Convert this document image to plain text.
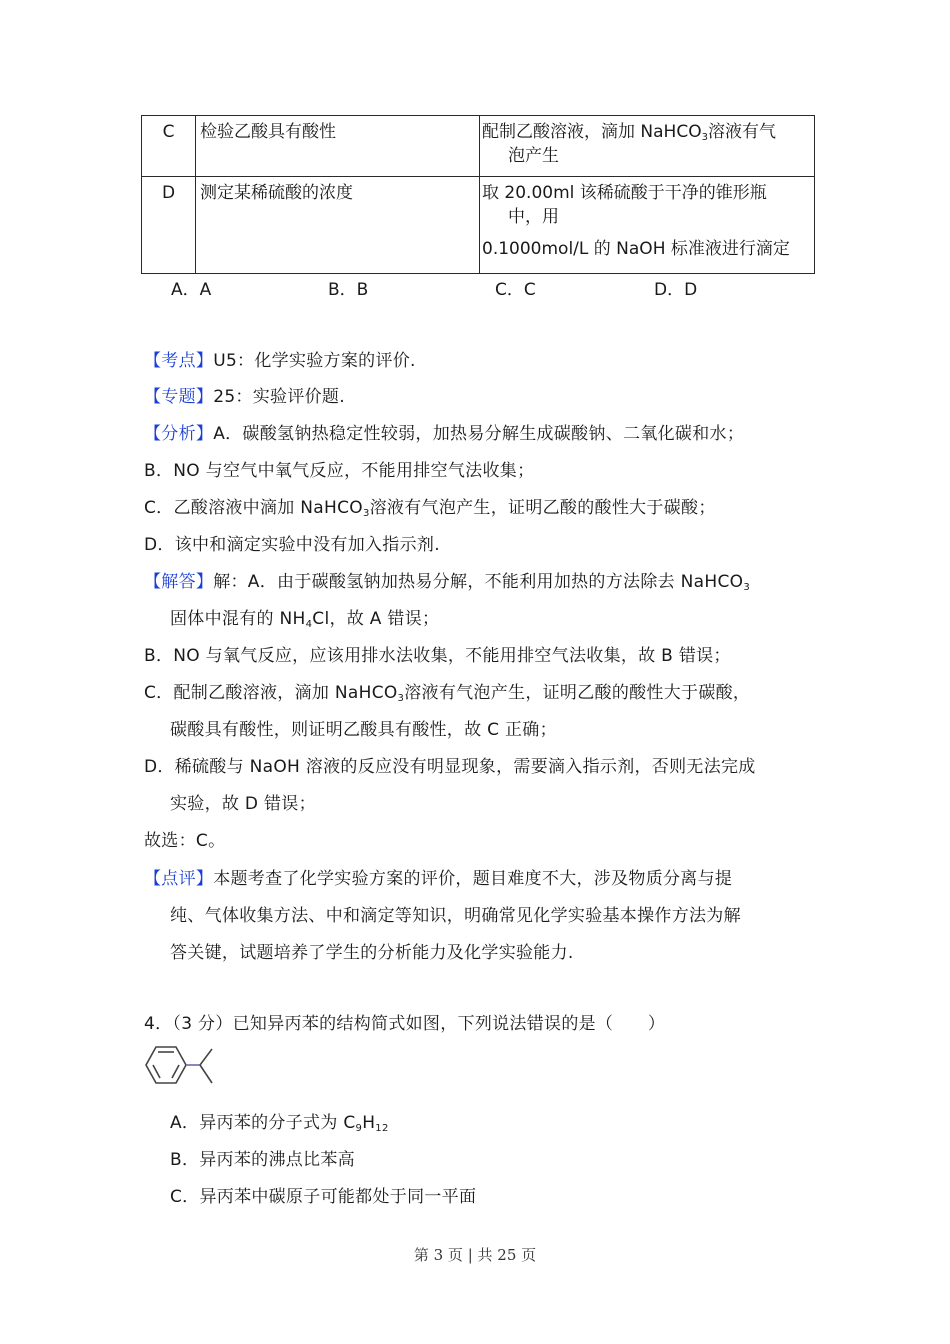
C	检验乙酸具有酸性	配制乙酸溶液，滴加 NaHCO$_3$溶液有气
泡产生

D	测定某稀硫酸的浓度	取 20.00ml 该稀硫酸于干净的锥形瓶
中，用
0.1000mol/L 的 NaOH 标准液进行滴定
A．A	B．B	C．C	D．D
【考点】U5：化学实验方案的评价.
【专题】25：实验评价题.
【分析】A．碳酸氢钠热稳定性较弱，加热易分解生成碳酸钠、二氧化碳和水；
B．NO 与空气中氧气反应，不能用排空气法收集；
C．乙酸溶液中滴加 NaHCO$_3$溶液有气泡产生，证明乙酸的酸性大于碳酸；
D．该中和滴定实验中没有加入指示剂.
【解答】解：A．由于碳酸氢钠加热易分解，不能利用加热的方法除去 NaHCO$_3$
固体中混有的 $NH_4Cl$，故 A 错误；
B．NO 与氧气反应，应该用排水法收集，不能用排空气法收集，故 B 错误；
C．配制乙酸溶液，滴加 NaHCO$_3$溶液有气泡产生，证明乙酸的酸性大于碳酸，
碳酸具有酸性，则证明乙酸具有酸性，故 C 正确；
D．稀硫酸与 NaOH 溶液的反应没有明显现象，需要滴入指示剂，否则无法完成
实验，故 D 错误；
故选：C。
【点评】本题考查了化学实验方案的评价，题目难度不大，涉及物质分离与提
纯、气体收集方法、中和滴定等知识，明确常见化学实验基本操作方法为解
答关键，试题培养了学生的分析能力及化学实验能力.
4．（3 分）已知异丙苯的结构简式如图，下列说法错误的是（　　）
A．异丙苯的分子式为 $C_9H_{12}$
B．异丙苯的沸点比苯高
C．异丙苯中碳原子可能都处于同一平面
第 3 页 | 共 25 页
